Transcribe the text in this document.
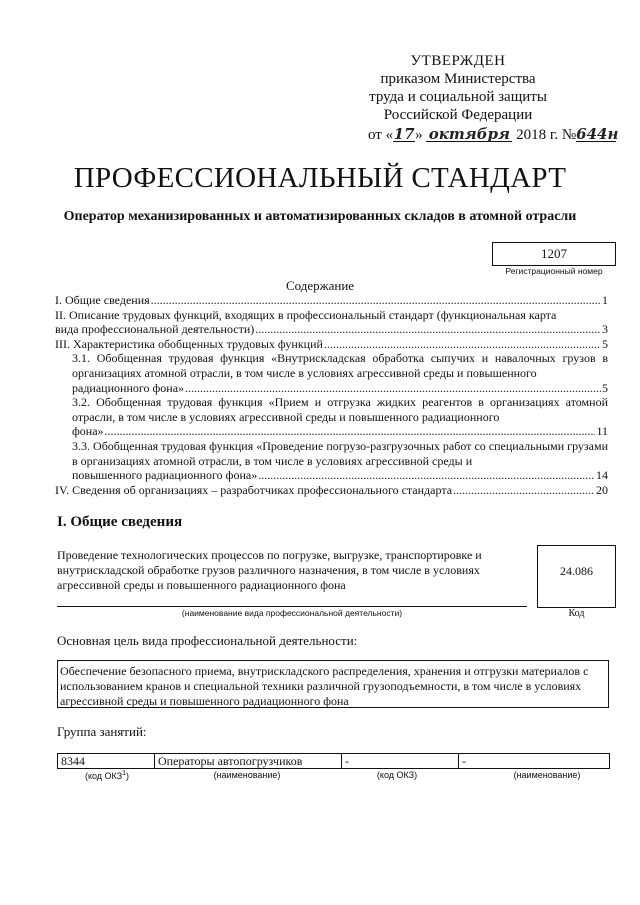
УТВЕРЖДЕН
приказом Министерства
труда и социальной защиты
Российской Федерации
от «17» октября 2018 г. №644н
ПРОФЕССИОНАЛЬНЫЙ СТАНДАРТ
Оператор механизированных и автоматизированных складов в атомной отрасли
1207
Регистрационный номер
Содержание
I. Общие сведения .....	1
II. Описание трудовых функций, входящих в профессиональный стандарт (функциональная карта
вида профессиональной деятельности) .....	3
III. Характеристика обобщенных трудовых функций .....	5
3.1. Обобщенная трудовая функция «Внутрискладская обработка сыпучих и навалочных грузов в организациях атомной отрасли, в том числе в условиях агрессивной среды и повышенного
радиационного фона» .....	5
3.2. Обобщенная трудовая функция «Прием и отгрузка жидких реагентов в организациях атомной отрасли, в том числе в условиях агрессивной среды и повышенного радиационного
фона» .....	11
3.3. Обобщенная трудовая функция «Проведение погрузо-разгрузочных работ со специальными грузами в организациях атомной отрасли, в том числе в условиях агрессивной среды и
повышенного радиационного фона» .....	14
IV. Сведения об организациях – разработчиках профессионального стандарта .....	20
I. Общие сведения
Проведение технологических процессов по погрузке, выгрузке, транспортировке и внутрискладской обработке грузов различного назначения, в том числе в условиях агрессивной среды и повышенного радиационного фона
(наименование вида профессиональной деятельности)
24.086
Код
Основная цель вида профессиональной деятельности:
Обеспечение безопасного приема, внутрискладского распределения, хранения и отгрузки материалов с использованием кранов и специальной техники различной грузоподъемности, в том числе в условиях агрессивной среды и повышенного радиационного фона
Группа занятий:
8344	Операторы автопогрузчиков	-	-
(код ОКЗ$^1$)	(наименование)	(код ОКЗ)	(наименование)
